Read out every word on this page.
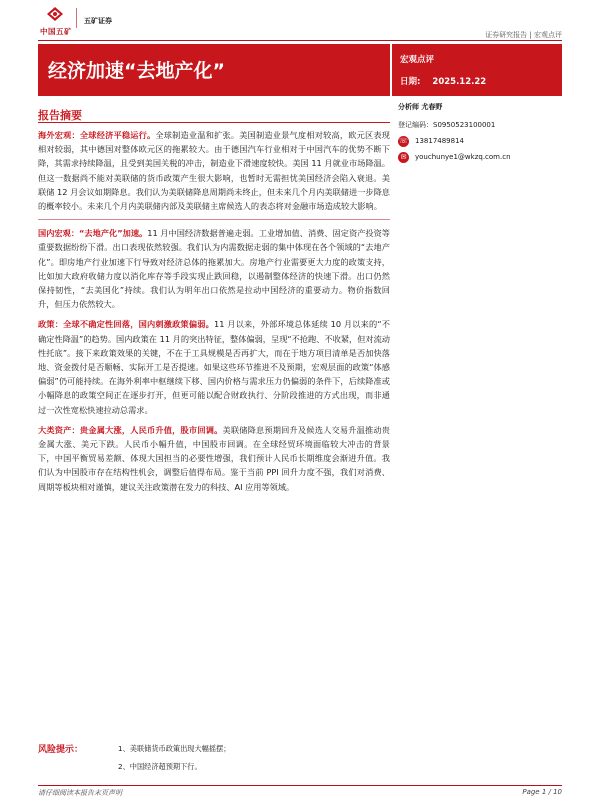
中国五矿
五矿证券
证券研究报告 | 宏观点评
经济加速“去地产化”	宏观点评
日期: 2025.12.22
分析师 尤春野
登记编码：S0950523100001
☏ 13817489814
✉	youchunye1@wkzq.com.cn
报告摘要
海外宏观：全球经济平稳运行。全球制造业温和扩张。美国制造业景气度相对较高，欧元区表现相对较弱，其中德国对整体欧元区的拖累较大。由于德国汽车行业相对于中国汽车的优势不断下降，其需求持续降温，且受到美国关税的冲击，制造业下滑速度较快。美国 11 月就业市场降温。但这一数据尚不能对美联储的货币政策产生很大影响，也暂时无需担忧美国经济会陷入衰退。美联储 12 月会议如期降息。我们认为美联储降息周期尚未终止，但未来几个月内美联储进一步降息的概率较小。未来几个月内美联储内部及美联储主席候选人的表态将对金融市场造成较大影响。
国内宏观：“去地产化”加速。11 月中国经济数据普遍走弱。工业增加值、消费、固定资产投资等重要数据纷纷下滑。出口表现依然较强。我们认为内需数据走弱的集中体现在各个领域的“去地产化”。即房地产行业加速下行导致对经济总体的拖累加大。房地产行业需要更大力度的政策支持，比如加大政府收储力度以消化库存等手段实现止跌回稳，以遏制整体经济的快速下滑。出口仍然保持韧性，“去美国化”持续。我们认为明年出口依然是拉动中国经济的重要动力。物价指数回升，但压力依然较大。
政策：全球不确定性回落，国内刺激政策偏弱。11 月以来，外部环境总体延续 10 月以来的“不确定性降温”的趋势。国内政策在 11 月的突出特征，整体偏弱，呈现“不抢跑、不收紧，但对流动性托底”。接下来政策效果的关键，不在于工具规模是否再扩大，而在于地方项目清单是否加快落地、资金拨付是否顺畅、实际开工是否提速。如果这些环节推进不及预期，宏观层面的政策“体感偏弱”仍可能持续。在海外利率中枢继续下移、国内价格与需求压力仍偏弱的条件下，后续降准或小幅降息的政策空间正在逐步打开，但更可能以配合财政执行、分阶段推进的方式出现，而非通过一次性宽松快速拉动总需求。
大类资产：贵金属大涨，人民币升值，股市回调。美联储降息预期回升及候选人交易升温推动贵金属大涨、美元下跌。人民币小幅升值，中国股市回调。在全球经贸环境面临较大冲击的背景下，中国平衡贸易差额、体现大国担当的必要性增强，我们预计人民币长期维度会渐进升值。我们认为中国股市存在结构性机会，调整后值得布局。鉴于当前 PPI 回升力度不强，我们对消费、周期等板块相对谨慎，建议关注政策潜在发力的科技、AI 应用等领域。
风险提示：	1、美联储货币政策出现大幅摇摆；
2、中国经济超预期下行。
请仔细阅读本报告末页声明	Page 1 / 10
